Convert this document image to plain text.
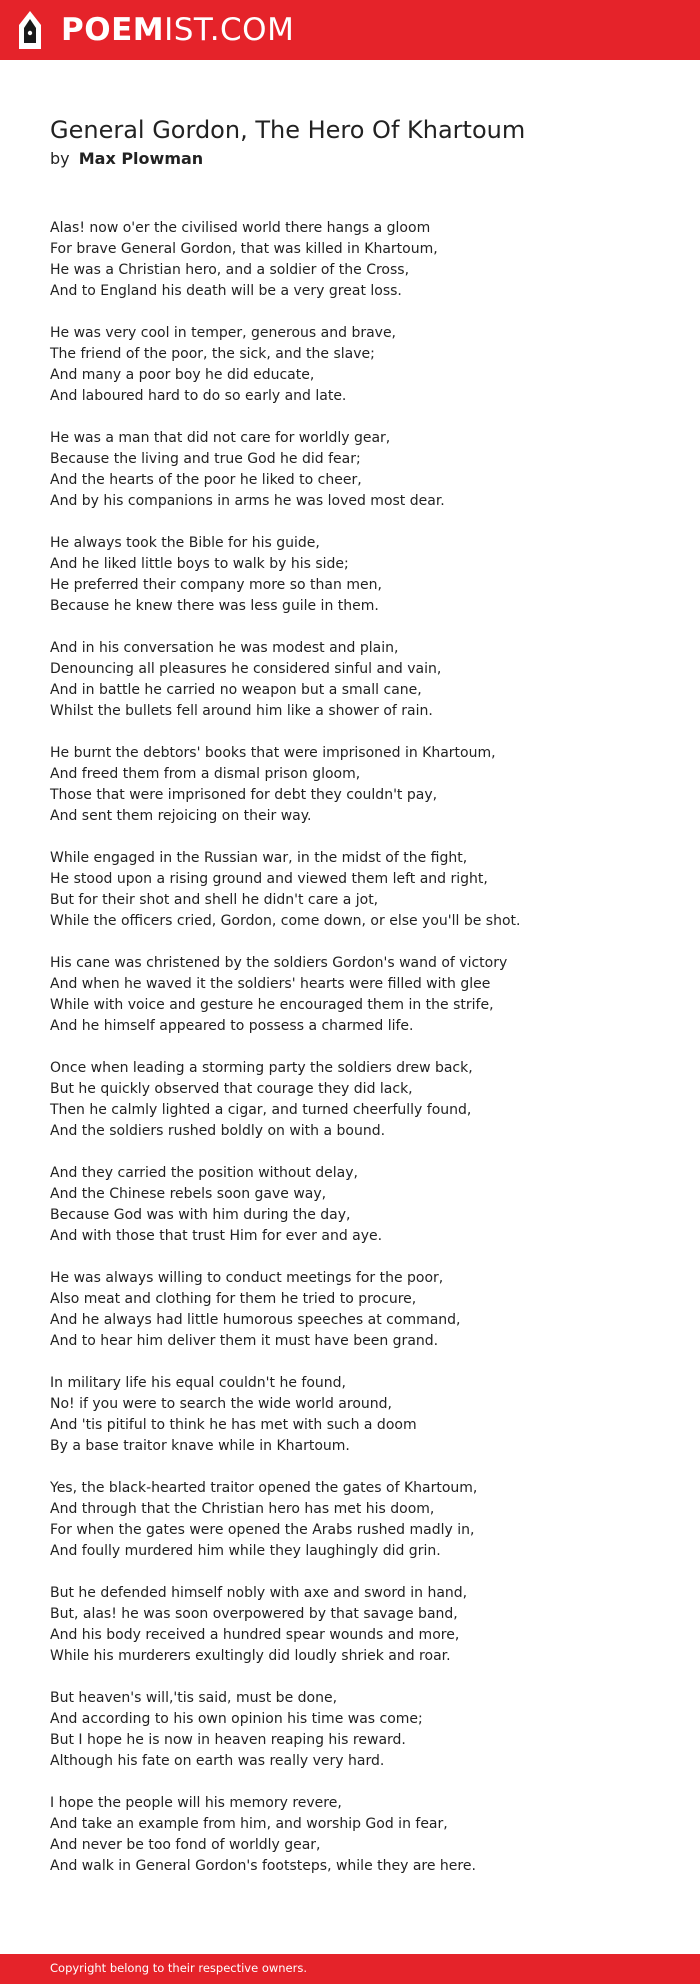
POEMIST.COM
General Gordon, The Hero Of Khartoum
by Max Plowman
Alas! now o'er the civilised world there hangs a gloom
For brave General Gordon, that was killed in Khartoum,
He was a Christian hero, and a soldier of the Cross,
And to England his death will be a very great loss.
He was very cool in temper, generous and brave,
The friend of the poor, the sick, and the slave;
And many a poor boy he did educate,
And laboured hard to do so early and late.
He was a man that did not care for worldly gear,
Because the living and true God he did fear;
And the hearts of the poor he liked to cheer,
And by his companions in arms he was loved most dear.
He always took the Bible for his guide,
And he liked little boys to walk by his side;
He preferred their company more so than men,
Because he knew there was less guile in them.
And in his conversation he was modest and plain,
Denouncing all pleasures he considered sinful and vain,
And in battle he carried no weapon but a small cane,
Whilst the bullets fell around him like a shower of rain.
He burnt the debtors' books that were imprisoned in Khartoum,
And freed them from a dismal prison gloom,
Those that were imprisoned for debt they couldn't pay,
And sent them rejoicing on their way.
While engaged in the Russian war, in the midst of the fight,
He stood upon a rising ground and viewed them left and right,
But for their shot and shell he didn't care a jot,
While the officers cried, Gordon, come down, or else you'll be shot.
His cane was christened by the soldiers Gordon's wand of victory
And when he waved it the soldiers' hearts were filled with glee
While with voice and gesture he encouraged them in the strife,
And he himself appeared to possess a charmed life.
Once when leading a storming party the soldiers drew back,
But he quickly observed that courage they did lack,
Then he calmly lighted a cigar, and turned cheerfully found,
And the soldiers rushed boldly on with a bound.
And they carried the position without delay,
And the Chinese rebels soon gave way,
Because God was with him during the day,
And with those that trust Him for ever and aye.
He was always willing to conduct meetings for the poor,
Also meat and clothing for them he tried to procure,
And he always had little humorous speeches at command,
And to hear him deliver them it must have been grand.
In military life his equal couldn't he found,
No! if you were to search the wide world around,
And 'tis pitiful to think he has met with such a doom
By a base traitor knave while in Khartoum.
Yes, the black-hearted traitor opened the gates of Khartoum,
And through that the Christian hero has met his doom,
For when the gates were opened the Arabs rushed madly in,
And foully murdered him while they laughingly did grin.
But he defended himself nobly with axe and sword in hand,
But, alas! he was soon overpowered by that savage band,
And his body received a hundred spear wounds and more,
While his murderers exultingly did loudly shriek and roar.
But heaven's will,'tis said, must be done,
And according to his own opinion his time was come;
But I hope he is now in heaven reaping his reward.
Although his fate on earth was really very hard.
I hope the people will his memory revere,
And take an example from him, and worship God in fear,
And never be too fond of worldly gear,
And walk in General Gordon's footsteps, while they are here.
Copyright belong to their respective owners.
